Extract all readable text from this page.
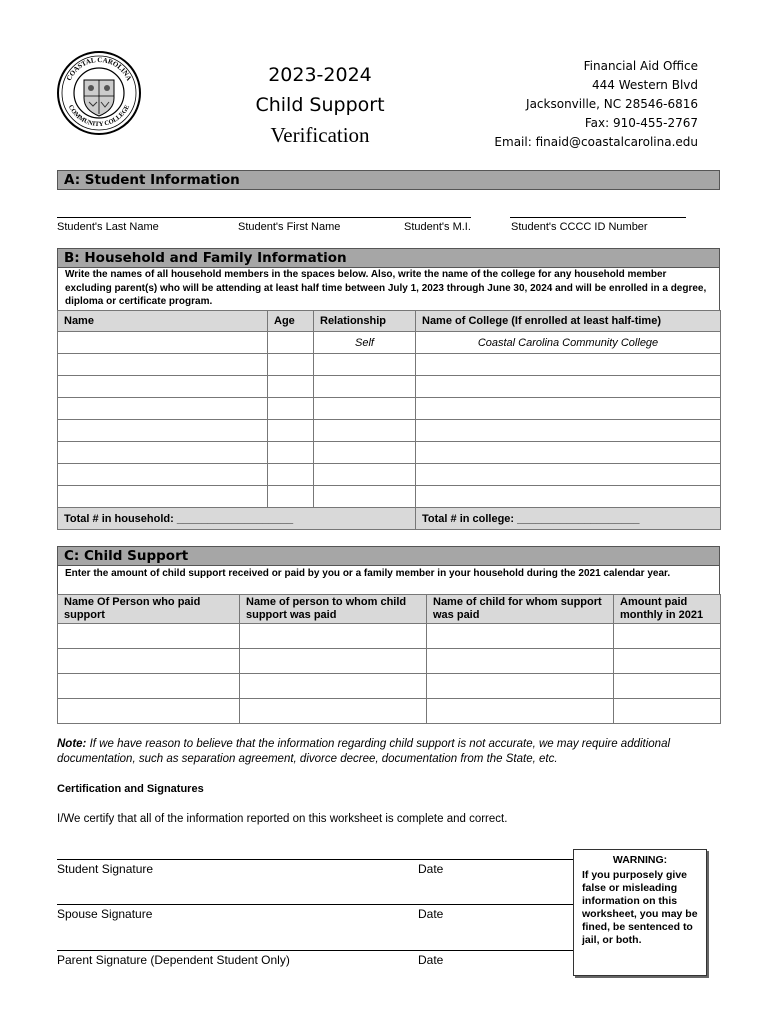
COASTAL CAROLINA
COMMUNITY COLLEGE
2023-2024
Child Support
Verification
Financial Aid Office
444 Western Blvd
Jacksonville, NC 28546-6816
Fax: 910-455-2767
Email: finaid@coastalcarolina.edu
A: Student Information
Student's Last Name	Student's First Name	Student's M.I.	Student's CCCC ID Number
B: Household and Family Information
Write the names of all household members in the spaces below. Also, write the name of the college for any household member excluding parent(s) who will be attending at least half time between July 1, 2023 through June 30, 2024 and will be enrolled in a degree, diploma or certificate program.
Name	Age	Relationship	Name of College (If enrolled at least half-time)
		Self	Coastal Carolina Community College

Total # in household: ___________________			Total # in college: ____________________
C: Child Support
Enter the amount of child support received or paid by you or a family member in your household during the 2021 calendar year.
Name Of Person who paid support	Name of person to whom child support was paid	Name of child for whom support was paid	Amount paid monthly in 2021

Note: If we have reason to believe that the information regarding child support is not accurate, we may require additional documentation, such as separation agreement, divorce decree, documentation from the State, etc.
Certification and Signatures
I/We certify that all of the information reported on this worksheet is complete and correct.
Student Signature	Date
Spouse Signature	Date
Parent Signature (Dependent Student Only)	Date
WARNING:
If you purposely give false or misleading information on this worksheet, you may be fined, be sentenced to jail, or both.
